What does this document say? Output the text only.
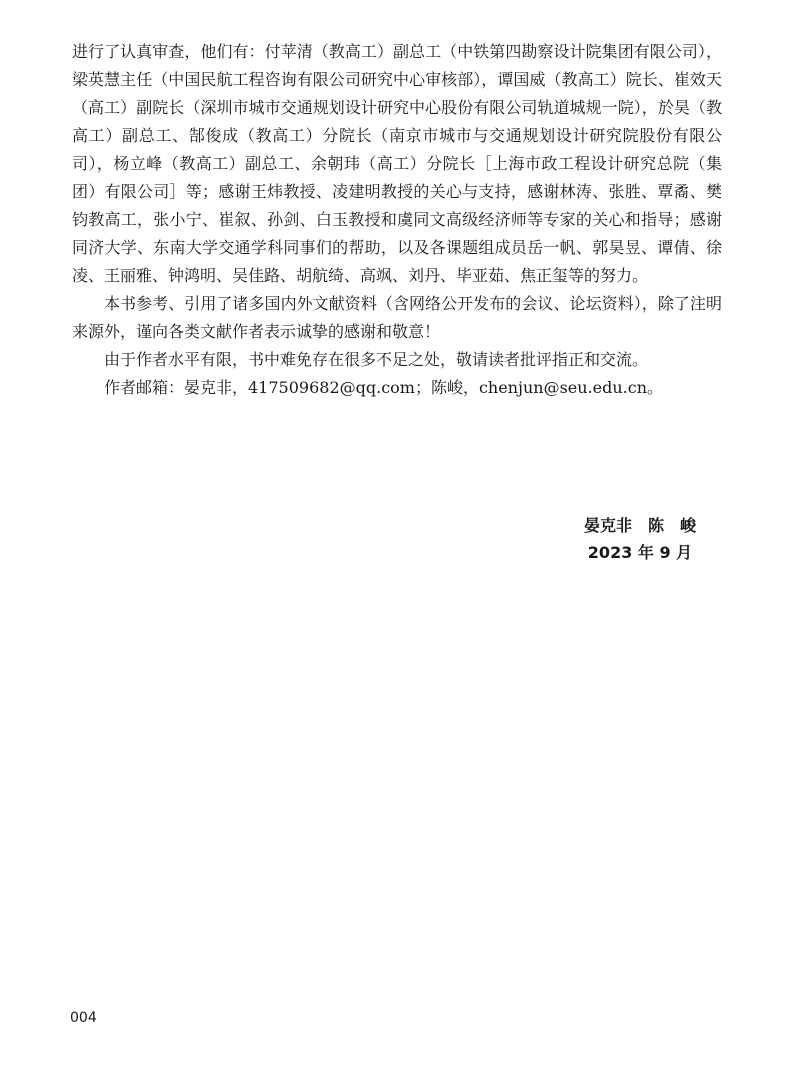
进行了认真审查，他们有：付苹清（教高工）副总工（中铁第四勘察设计院集团有限公司），梁英慧主任（中国民航工程咨询有限公司研究中心审核部），谭国威（教高工）院长、崔效天（高工）副院长（深圳市城市交通规划设计研究中心股份有限公司轨道城规一院），於昊（教高工）副总工、郜俊成（教高工）分院长（南京市城市与交通规划设计研究院股份有限公司），杨立峰（教高工）副总工、余朝玮（高工）分院长［上海市政工程设计研究总院（集团）有限公司］等；感谢王炜教授、凌建明教授的关心与支持，感谢林涛、张胜、覃矞、樊钧教高工，张小宁、崔叙、孙剑、白玉教授和虞同文高级经济师等专家的关心和指导；感谢同济大学、东南大学交通学科同事们的帮助，以及各课题组成员岳一帆、郭昊昱、谭倩、徐凌、王丽雅、钟鸿明、吴佳路、胡航绮、高飒、刘丹、毕亚茹、焦正玺等的努力。

本书参考、引用了诸多国内外文献资料（含网络公开发布的会议、论坛资料），除了注明来源外，谨向各类文献作者表示诚挚的感谢和敬意！

由于作者水平有限，书中难免存在很多不足之处，敬请读者批评指正和交流。

作者邮箱：晏克非，417509682@qq.com；陈峻，chenjun@seu.edu.cn。

晏克非　陈　峻
2023 年 9 月
004
